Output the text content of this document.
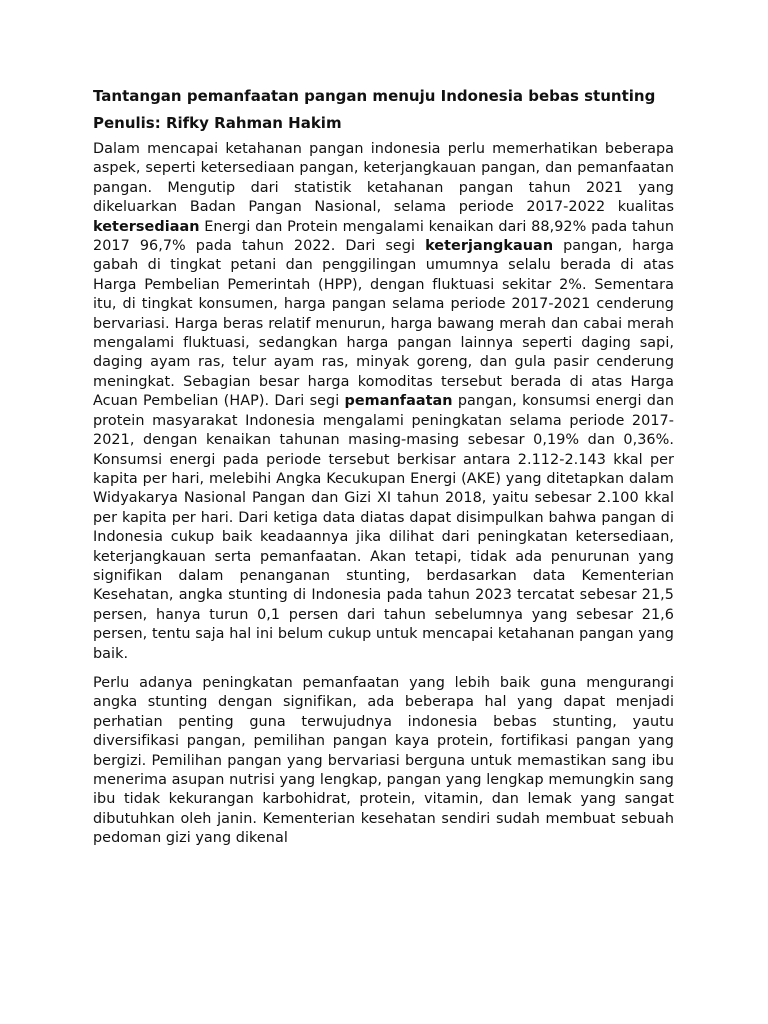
Tantangan pemanfaatan pangan menuju Indonesia bebas stunting
Penulis: Rifky Rahman Hakim

Dalam mencapai ketahanan pangan indonesia perlu memerhatikan beberapa aspek, seperti ketersediaan pangan, keterjangkauan pangan, dan pemanfaatan pangan. Mengutip dari statistik ketahanan pangan tahun 2021 yang dikeluarkan Badan Pangan Nasional, selama periode 2017-2022 kualitas ketersediaan Energi dan Protein mengalami kenaikan dari 88,92% pada tahun 2017 96,7% pada tahun 2022. Dari segi keterjangkauan pangan, harga gabah di tingkat petani dan penggilingan umumnya selalu berada di atas Harga Pembelian Pemerintah (HPP), dengan fluktuasi sekitar 2%. Sementara itu, di tingkat konsumen, harga pangan selama periode 2017-2021 cenderung bervariasi. Harga beras relatif menurun, harga bawang merah dan cabai merah mengalami fluktuasi, sedangkan harga pangan lainnya seperti daging sapi, daging ayam ras, telur ayam ras, minyak goreng, dan gula pasir cenderung meningkat. Sebagian besar harga komoditas tersebut berada di atas Harga Acuan Pembelian (HAP). Dari segi pemanfaatan pangan, konsumsi energi dan protein masyarakat Indonesia mengalami peningkatan selama periode 2017-2021, dengan kenaikan tahunan masing-masing sebesar 0,19% dan 0,36%. Konsumsi energi pada periode tersebut berkisar antara 2.112-2.143 kkal per kapita per hari, melebihi Angka Kecukupan Energi (AKE) yang ditetapkan dalam Widyakarya Nasional Pangan dan Gizi XI tahun 2018, yaitu sebesar 2.100 kkal per kapita per hari. Dari ketiga data diatas dapat disimpulkan bahwa pangan di Indonesia cukup baik keadaannya jika dilihat dari peningkatan ketersediaan, keterjangkauan serta pemanfaatan. Akan tetapi, tidak ada penurunan yang signifikan dalam penanganan stunting, berdasarkan data Kementerian Kesehatan, angka stunting di Indonesia pada tahun 2023 tercatat sebesar 21,5 persen, hanya turun 0,1 persen dari tahun sebelumnya yang sebesar 21,6 persen, tentu saja hal ini belum cukup untuk mencapai ketahanan pangan yang baik.

Perlu adanya peningkatan pemanfaatan yang lebih baik guna mengurangi angka stunting dengan signifikan, ada beberapa hal yang dapat menjadi perhatian penting guna terwujudnya indonesia bebas stunting, yautu diversifikasi pangan, pemilihan pangan kaya protein, fortifikasi pangan yang bergizi. Pemilihan pangan yang bervariasi berguna untuk memastikan sang ibu menerima asupan nutrisi yang lengkap, pangan yang lengkap memungkin sang ibu tidak kekurangan karbohidrat, protein, vitamin, dan lemak yang sangat dibutuhkan oleh janin. Kementerian kesehatan sendiri sudah membuat sebuah pedoman gizi yang dikenal
